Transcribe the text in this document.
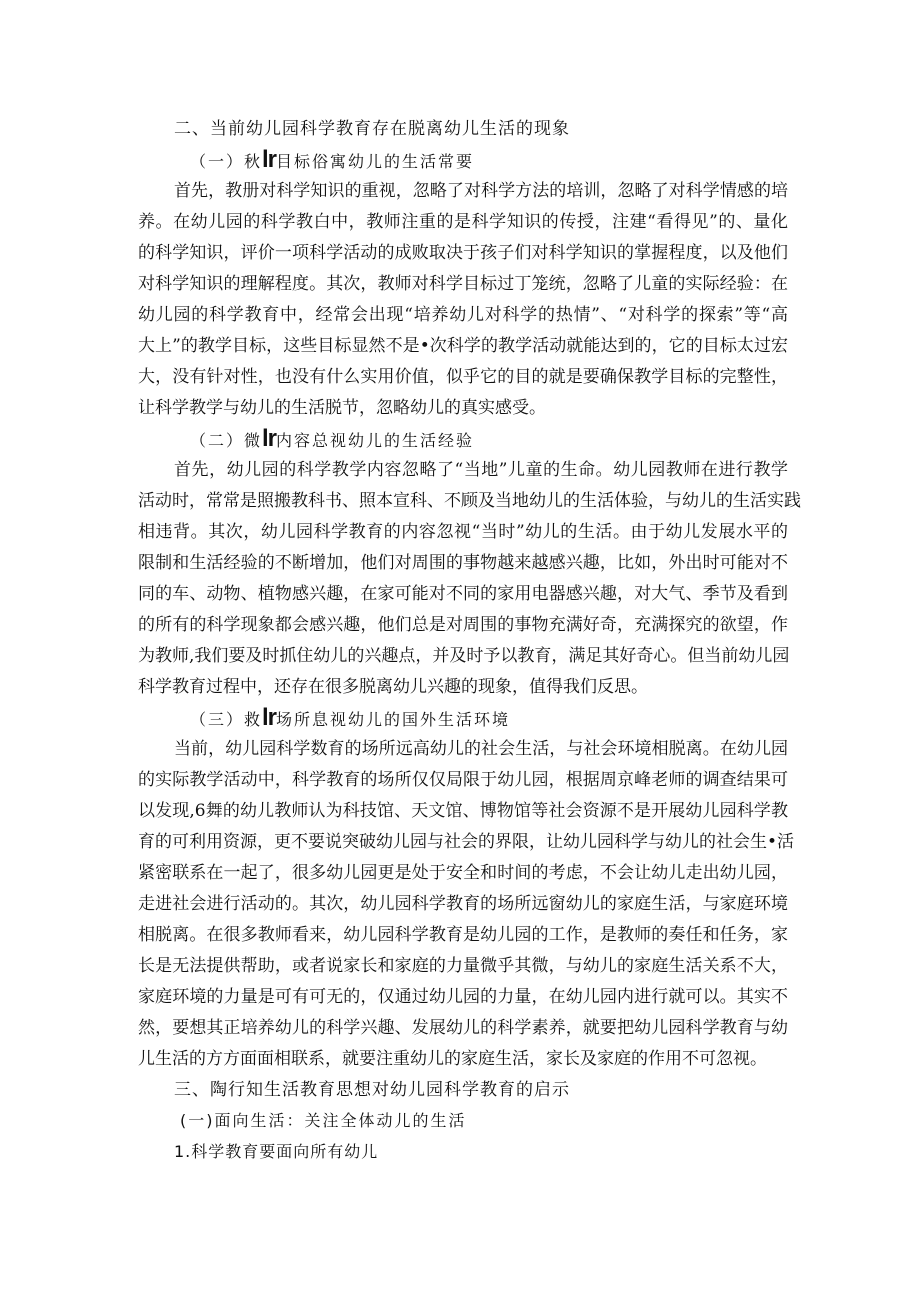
二、当前幼儿园科学教育存在脱离幼儿生活的现象
（一）秋lr目标俗寓幼儿的生活常要
首先，教册对科学知识的重视，忽略了对科学方法的培训，忽略了对科学情感的培
养。在幼儿园的科学教白中，教师注重的是科学知识的传授，注建“看得见”的、量化
的科学知识，评价一项科学活动的成败取决于孩子们对科学知识的掌握程度，以及他们
对科学知识的理解程度。其次，教师对科学目标过丁笼统，忽略了儿童的实际经验：在
幼儿园的科学教育中，经常会出现“培养幼儿对科学的热情”、“对科学的探索”等“高
大上”的教学目标，这些目标显然不是•次科学的教学活动就能达到的，它的目标太过宏
大，没有针对性，也没有什么实用价值，似乎它的目的就是要确保教学目标的完整性，
让科学教学与幼儿的生活脱节，忽略幼儿的真实感受。
（二）微lr内容总视幼儿的生活经验
首先，幼儿园的科学教学内容忽略了“当地”儿童的生命。幼儿园教师在进行教学
活动时，常常是照搬教科书、照本宣科、不顾及当地幼儿的生活体验，与幼儿的生活实践
相违背。其次，幼儿园科学教育的内容忽视“当时”幼儿的生活。由于幼儿发展水平的
限制和生活经验的不断增加，他们对周围的事物越来越感兴趣，比如，外出时可能对不
同的车、动物、植物感兴趣，在家可能对不同的家用电器感兴趣，对大气、季节及看到
的所有的科学现象都会感兴趣，他们总是对周围的事物充满好奇，充满探究的欲望，作
为教师,我们要及时抓住幼儿的兴趣点，并及时予以教育，满足其好奇心。但当前幼儿园
科学教育过程中，还存在很多脱离幼儿兴趣的现象，值得我们反思。
（三）救lr场所息视幼儿的国外生活环境
当前，幼儿园科学数育的场所远高幼儿的社会生活，与社会环境相脱离。在幼儿园
的实际教学活动中，科学教育的场所仅仅局限于幼儿园，根据周京峰老师的调查结果可
以发现,6舞的幼儿教师认为科技馆、天文馆、博物馆等社会资源不是开展幼儿园科学教
育的可利用资源，更不要说突破幼儿园与社会的界限，让幼儿园科学与幼儿的社会生•活
紧密联系在一起了，很多幼儿园更是处于安全和时间的考虑，不会让幼儿走出幼儿园，
走进社会进行活动的。其次，幼儿园科学教育的场所远窗幼儿的家庭生活，与家庭环境
相脱离。在很多教师看来，幼儿园科学教育是幼儿园的工作，是教师的奏任和任务，家
长是无法提供帮助，或者说家长和家庭的力量微乎其微，与幼儿的家庭生活关系不大，
家庭环境的力量是可有可无的，仅通过幼儿园的力量，在幼儿园内进行就可以。其实不
然，要想其正培养幼儿的科学兴趣、发展幼儿的科学素养，就要把幼儿园科学教育与幼
儿生活的方方面面相联系，就要注重幼儿的家庭生活，家长及家庭的作用不可忽视。
三、陶行知生活教育思想对幼儿园科学教育的启示
(一)面向生活：关注全体动儿的生活
1.科学教育要面向所有幼儿
